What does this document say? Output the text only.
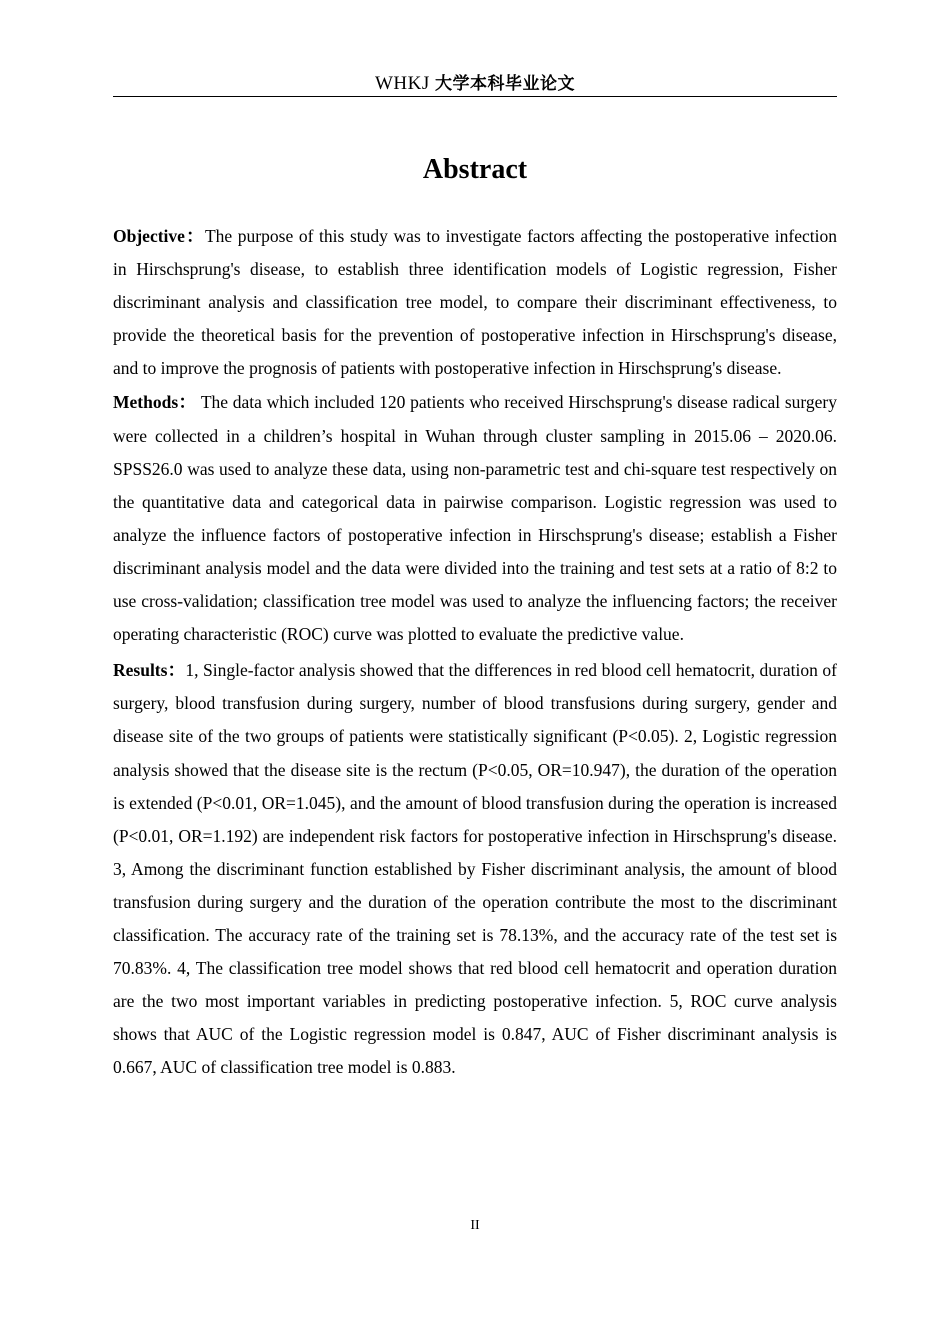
WHKJ 大学本科毕业论文
Abstract

Objective：The purpose of this study was to investigate factors affecting the postoperative infection in Hirschsprung's disease, to establish three identification models of Logistic regression, Fisher discriminant analysis and classification tree model, to compare their discriminant effectiveness, to provide the theoretical basis for the prevention of postoperative infection in Hirschsprung's disease, and to improve the prognosis of patients with postoperative infection in Hirschsprung's disease.

Methods： The data which included 120 patients who received Hirschsprung's disease radical surgery were collected in a children’s hospital in Wuhan through cluster sampling in 2015.06 – 2020.06. SPSS26.0 was used to analyze these data, using non-parametric test and chi-square test respectively on the quantitative data and categorical data in pairwise comparison. Logistic regression was used to analyze the influence factors of postoperative infection in Hirschsprung's disease; establish a Fisher discriminant analysis model and the data were divided into the training and test sets at a ratio of 8:2 to use cross-validation; classification tree model was used to analyze the influencing factors; the receiver operating characteristic (ROC) curve was plotted to evaluate the predictive value.

Results：1, Single-factor analysis showed that the differences in red blood cell hematocrit, duration of surgery, blood transfusion during surgery, number of blood transfusions during surgery, gender and disease site of the two groups of patients were statistically significant (P<0.05). 2, Logistic regression analysis showed that the disease site is the rectum (P<0.05, OR=10.947), the duration of the operation is extended (P<0.01, OR=1.045), and the amount of blood transfusion during the operation is increased (P<0.01, OR=1.192) are independent risk factors for postoperative infection in Hirschsprung's disease. 3, Among the discriminant function established by Fisher discriminant analysis, the amount of blood transfusion during surgery and the duration of the operation contribute the most to the discriminant classification. The accuracy rate of the training set is 78.13%, and the accuracy rate of the test set is 70.83%. 4, The classification tree model shows that red blood cell hematocrit and operation duration are the two most important variables in predicting postoperative infection. 5, ROC curve analysis shows that AUC of the Logistic regression model is 0.847, AUC of Fisher discriminant analysis is 0.667, AUC of classification tree model is 0.883.

II
